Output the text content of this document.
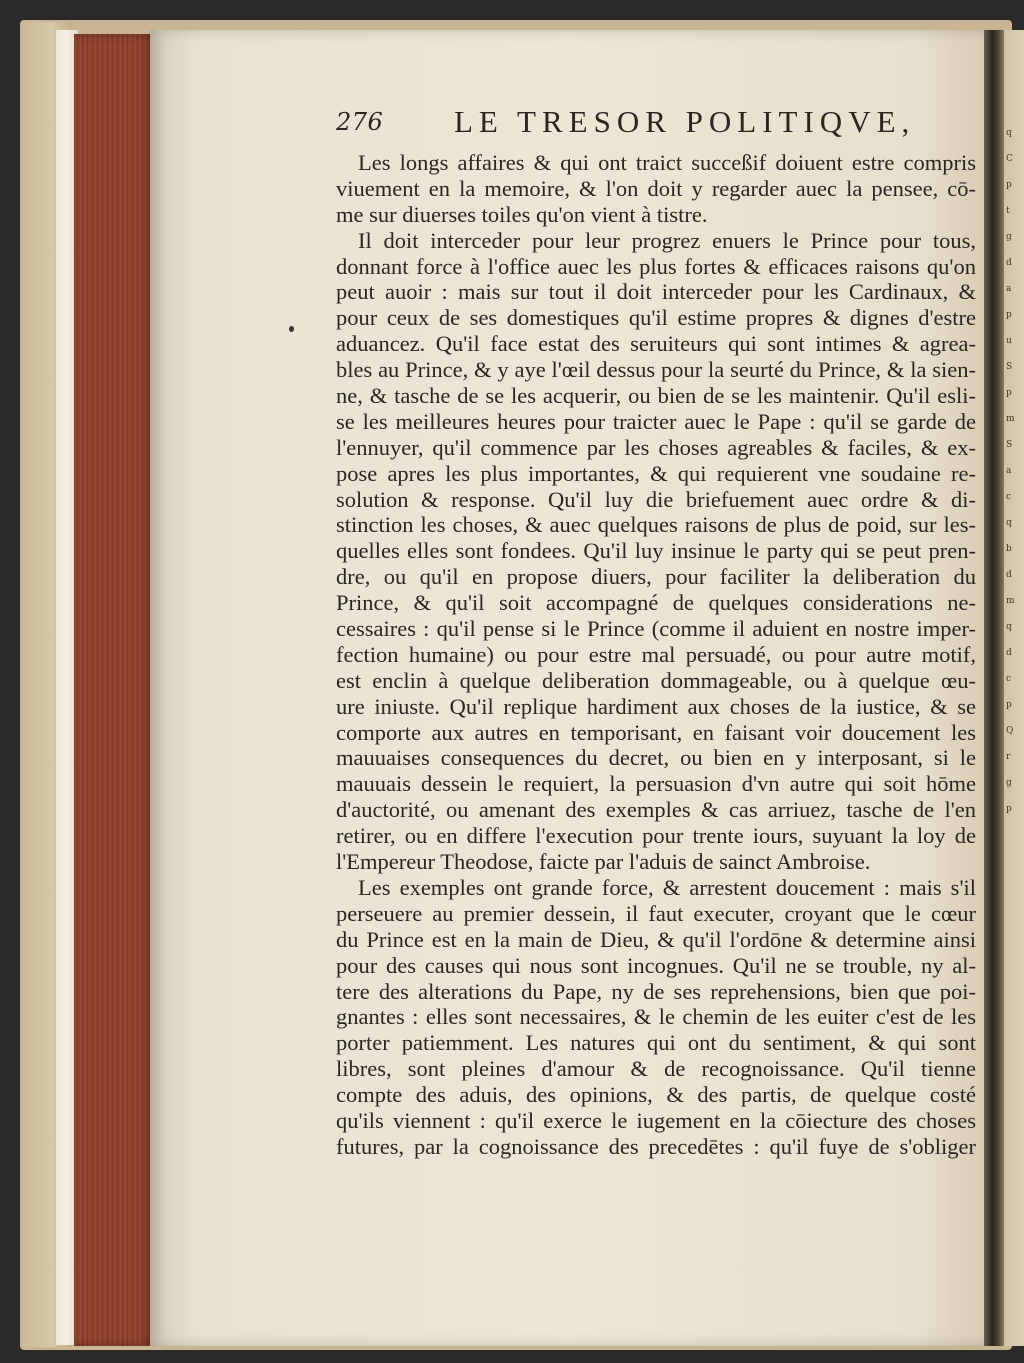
q
C
p
t
g
d
a
p
u
S
p
m
S
a
c
q
b
d
m
q
d
c
p
Q
r
g
p
276 LE TRESOR POLITIQVE,
Les longs affaires & qui ont traict succeßif doiuent estre compris
viuement en la memoire, & l'on doit y regarder auec la pensee, cō-
me sur diuerses toiles qu'on vient à tistre.
Il doit interceder pour leur progrez enuers le Prince pour tous,
donnant force à l'office auec les plus fortes & efficaces raisons qu'on
peut auoir : mais sur tout il doit interceder pour les Cardinaux, &
pour ceux de ses domestiques qu'il estime propres & dignes d'estre
aduancez. Qu'il face estat des seruiteurs qui sont intimes & agrea-
bles au Prince, & y aye l'œil dessus pour la seurté du Prince, & la sien-
ne, & tasche de se les acquerir, ou bien de se les maintenir. Qu'il esli-
se les meilleures heures pour traicter auec le Pape : qu'il se garde de
l'ennuyer, qu'il commence par les choses agreables & faciles, & ex-
pose apres les plus importantes, & qui requierent vne soudaine re-
solution & response. Qu'il luy die briefuement auec ordre & di-
stinction les choses, & auec quelques raisons de plus de poid, sur les-
quelles elles sont fondees. Qu'il luy insinue le party qui se peut pren-
dre, ou qu'il en propose diuers, pour faciliter la deliberation du
Prince, & qu'il soit accompagné de quelques considerations ne-
cessaires : qu'il pense si le Prince (comme il aduient en nostre imper-
fection humaine) ou pour estre mal persuadé, ou pour autre motif,
est enclin à quelque deliberation dommageable, ou à quelque œu-
ure iniuste. Qu'il replique hardiment aux choses de la iustice, & se
comporte aux autres en temporisant, en faisant voir doucement les
mauuaises consequences du decret, ou bien en y interposant, si le
mauuais dessein le requiert, la persuasion d'vn autre qui soit hōme
d'auctorité, ou amenant des exemples & cas arriuez, tasche de l'en
retirer, ou en differe l'execution pour trente iours, suyuant la loy de
l'Empereur Theodose, faicte par l'aduis de sainct Ambroise.
Les exemples ont grande force, & arrestent doucement : mais s'il
perseuere au premier dessein, il faut executer, croyant que le cœur
du Prince est en la main de Dieu, & qu'il l'ordōne & determine ainsi
pour des causes qui nous sont incognues. Qu'il ne se trouble, ny al-
tere des alterations du Pape, ny de ses reprehensions, bien que poi-
gnantes : elles sont necessaires, & le chemin de les euiter c'est de les
porter patiemment. Les natures qui ont du sentiment, & qui sont
libres, sont pleines d'amour & de recognoissance. Qu'il tienne
compte des aduis, des opinions, & des partis, de quelque costé
qu'ils viennent : qu'il exerce le iugement en la cōiecture des choses
futures, par la cognoissance des precedētes : qu'il fuye de s'obliger
